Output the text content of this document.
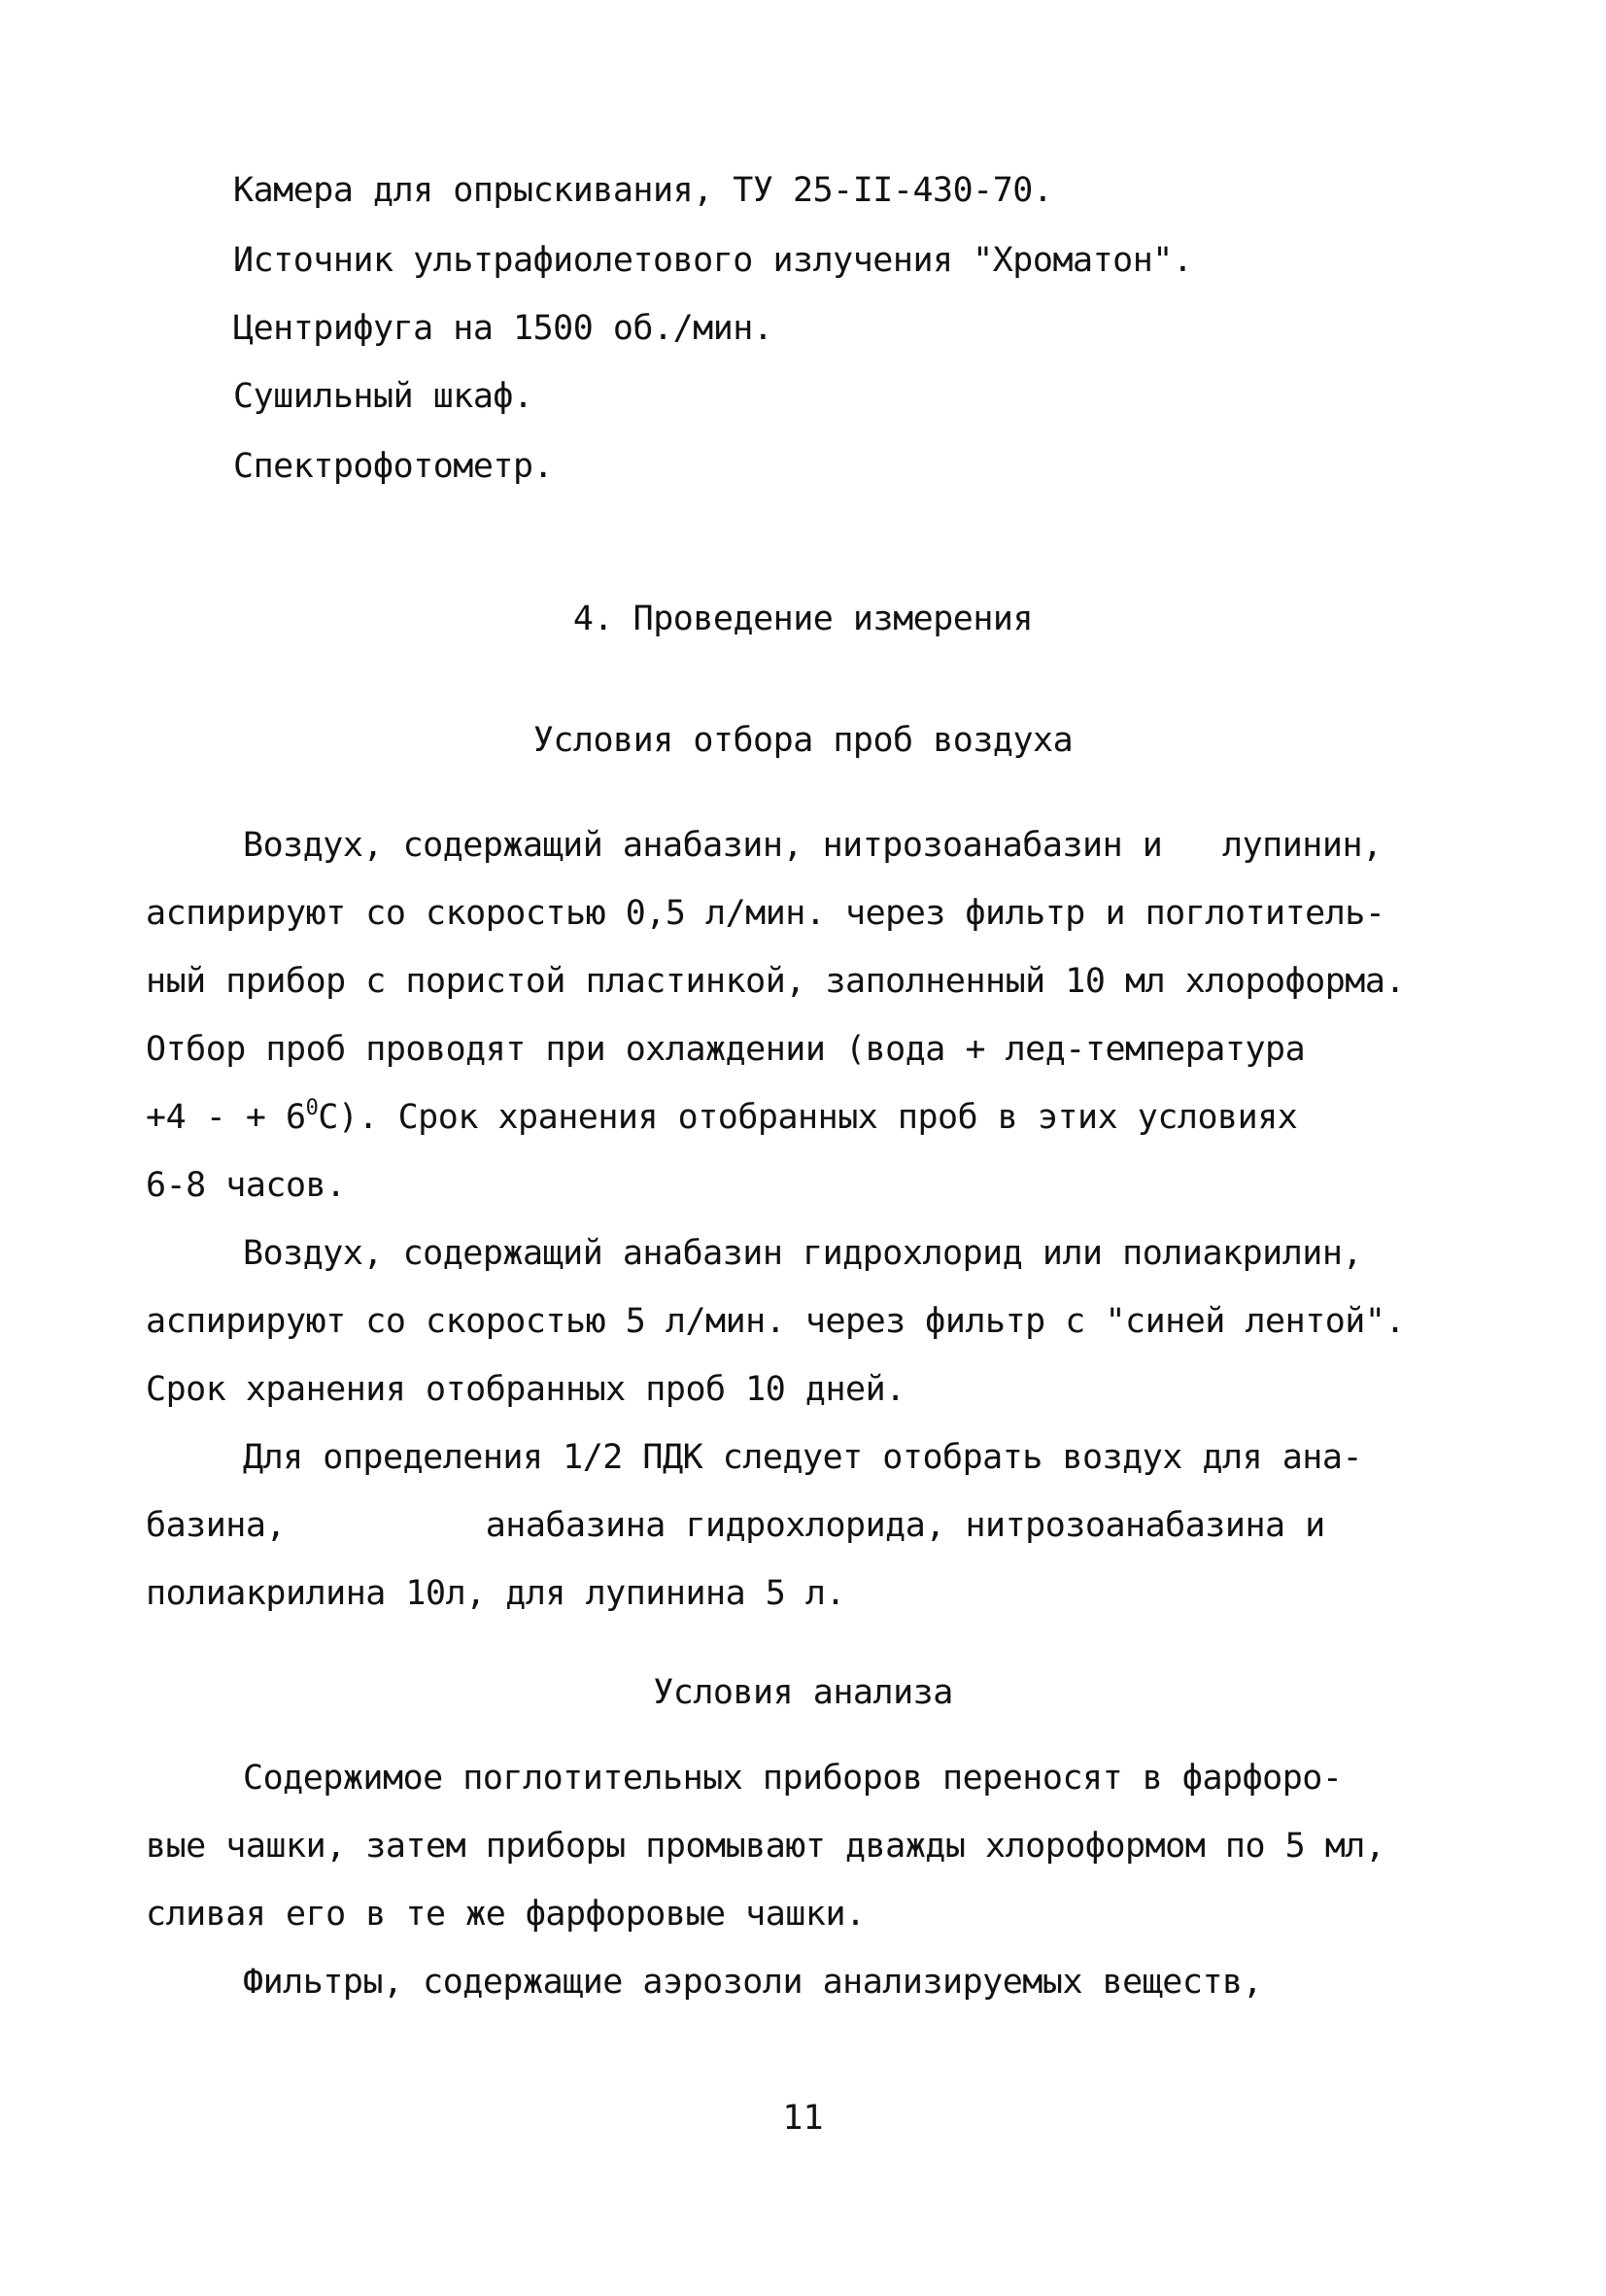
Камера для опрыскивания, ТУ 25-II-430-70.
Источник ультрафиолетового излучения "Хроматон".
Центрифуга на 1500 об./мин.
Сушильный шкаф.
Спектрофотометр.
4. Проведение измерения
Условия отбора проб воздуха
Воздух, содержащий анабазин, нитрозоанабазин и   лупинин,
аспирируют со скоростью 0,5 л/мин. через фильтр и поглотитель-
ный прибор с пористой пластинкой, заполненный 10 мл хлороформа.
Отбор проб проводят при охлаждении (вода + лед-температура
+4 - + $6^0С$). Срок хранения отобранных проб в этих условиях
6-8 часов.
Воздух, содержащий анабазин гидрохлорид или полиакрилин,
аспирируют со скоростью 5 л/мин. через фильтр с "синей лентой".
Срок хранения отобранных проб 10 дней.
Для определения 1/2 ПДК следует отобрать воздух для ана-
базина,          анабазина гидрохлорида, нитрозоанабазина и
полиакрилина 10л, для лупинина 5 л.
Условия анализа
Содержимое поглотительных приборов переносят в фарфоро-
вые чашки, затем приборы промывают дважды хлороформом по 5 мл,
сливая его в те же фарфоровые чашки.
Фильтры, содержащие аэрозоли анализируемых веществ,
11
